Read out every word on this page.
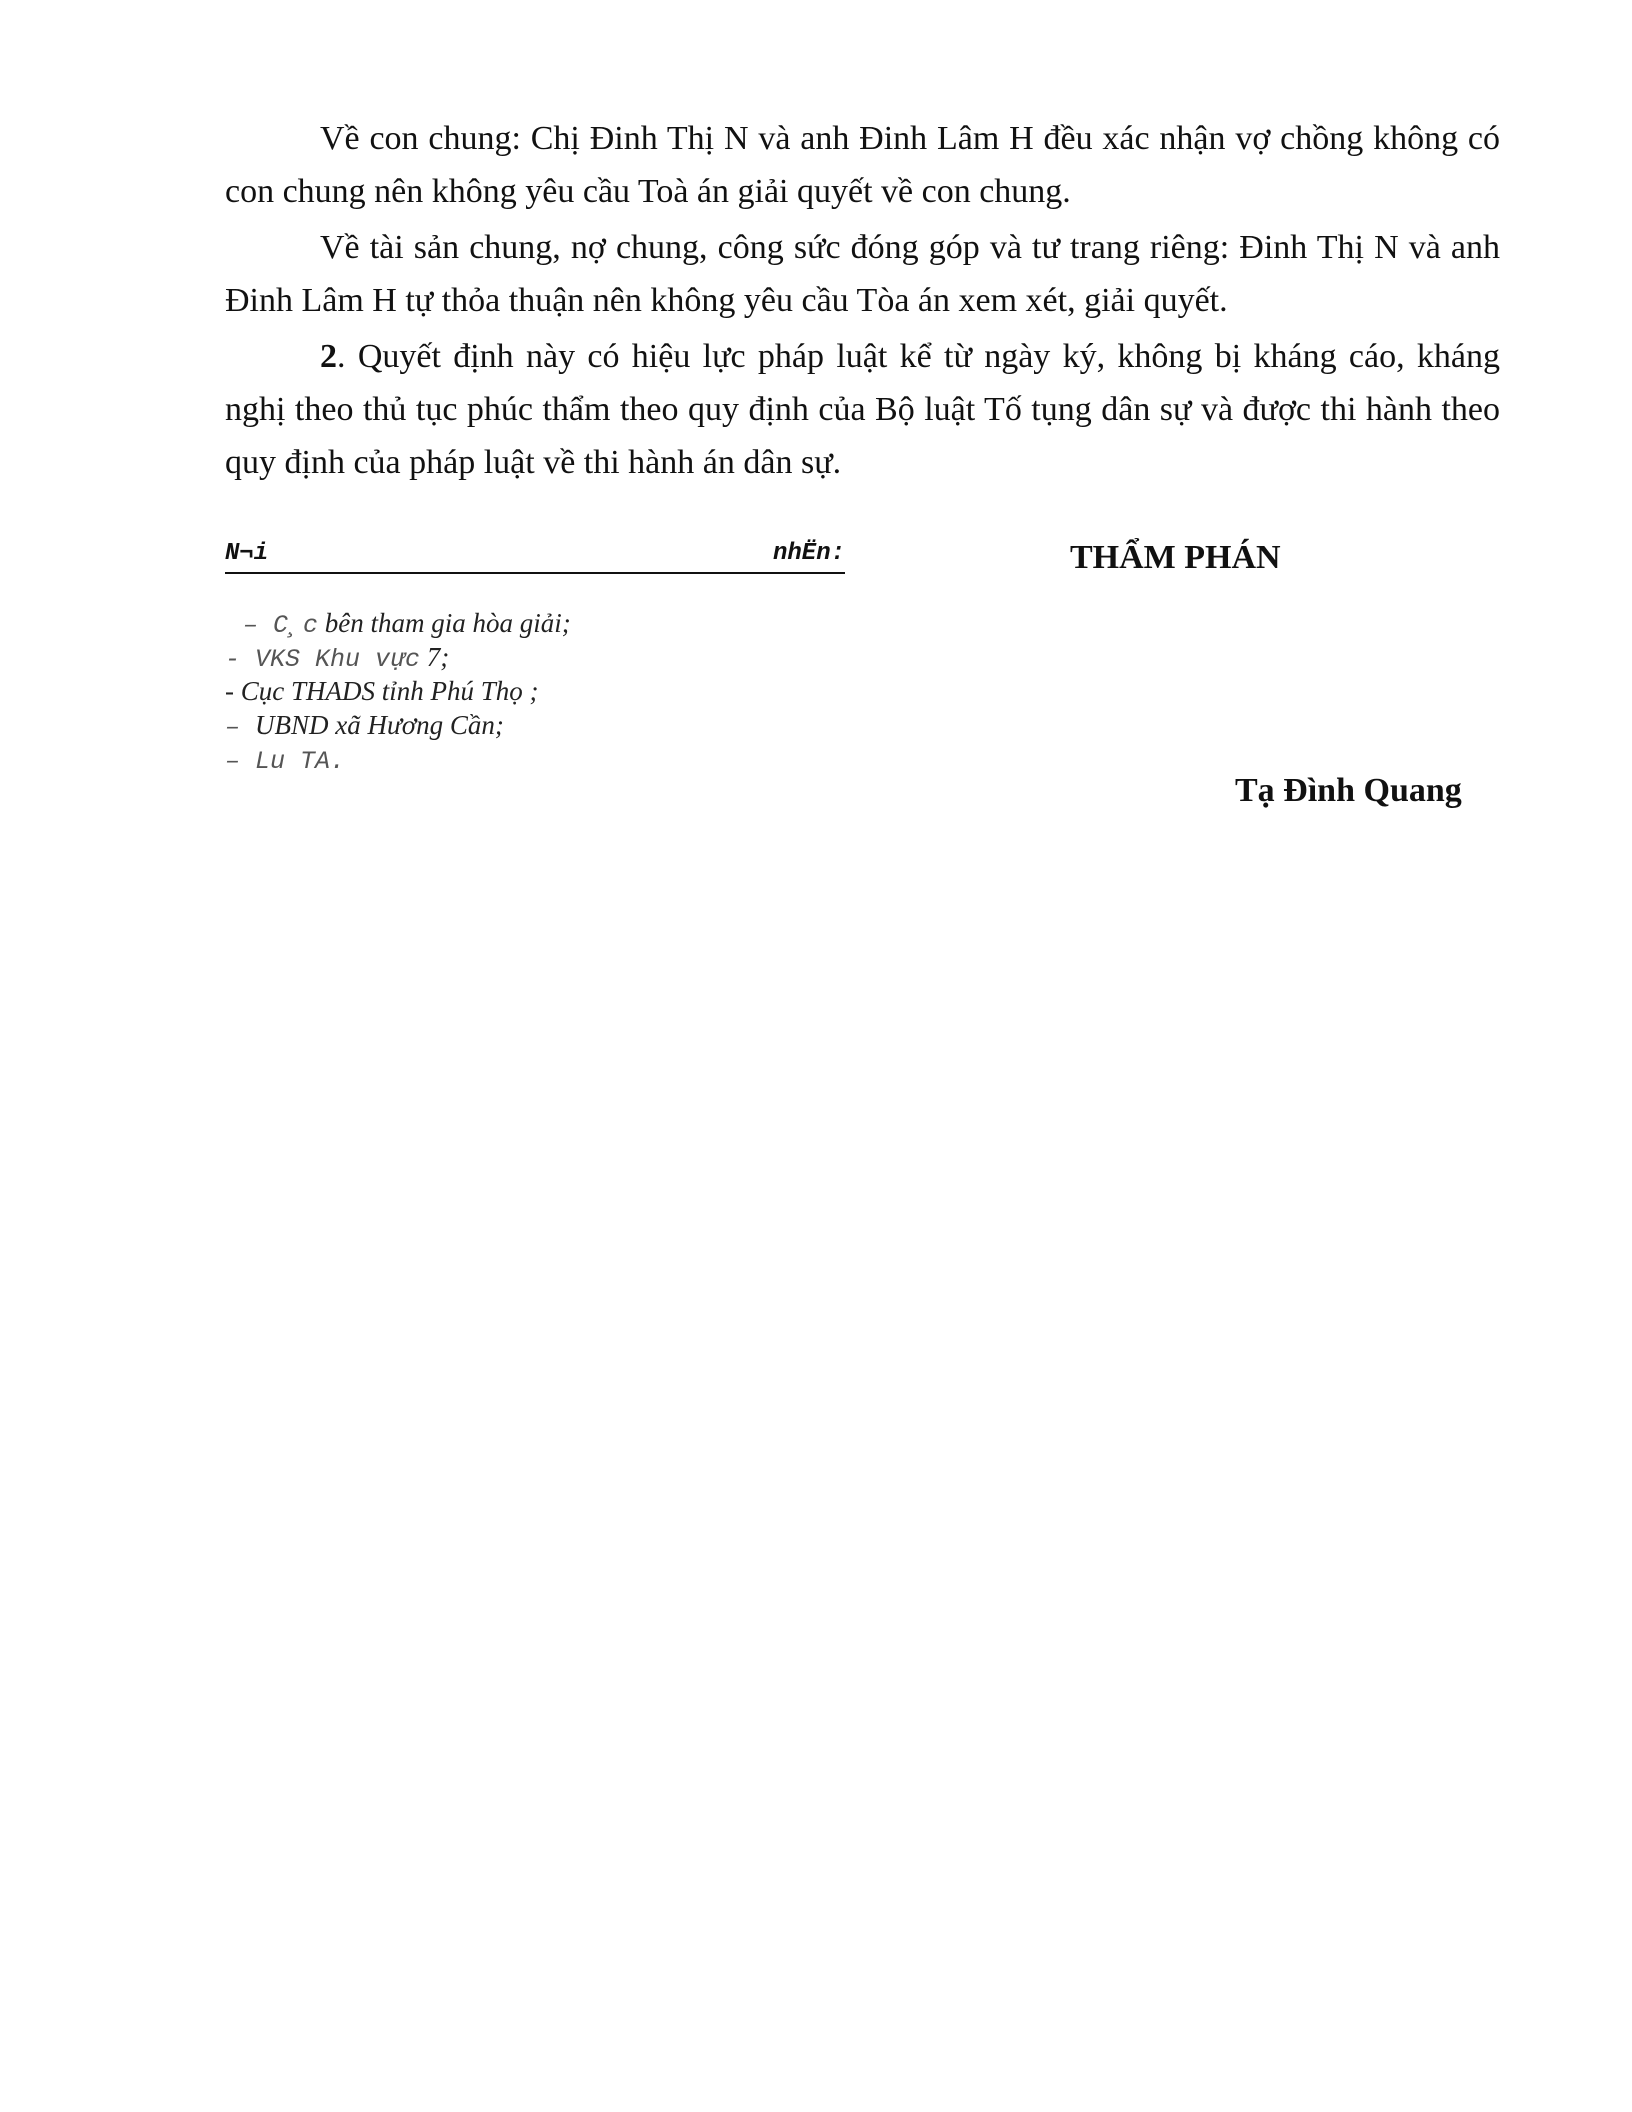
Về con chung: Chị Đinh Thị N và anh Đinh Lâm H đều xác nhận vợ chồng không có con chung nên không yêu cầu Toà án giải quyết về con chung.

Về tài sản chung, nợ chung, công sức đóng góp và tư trang riêng: Đinh Thị N và anh Đinh Lâm H tự thỏa thuận nên không yêu cầu Tòa án xem xét, giải quyết.

2. Quyết định này có hiệu lực pháp luật kể từ ngày ký, không bị kháng cáo, kháng nghị theo thủ tục phúc thẩm theo quy định của Bộ luật Tố tụng dân sự và được thi hành theo quy định của pháp luật về thi hành án dân sự.

N¬i	nhËn:
– C¸c bên tham gia hòa giải;
- VKS Khu vực 7;
- Cục THADS tỉnh Phú Thọ ;
– UBND xã Hương Cần;
– Lu TA.
THẨM PHÁN
Tạ Đình Quang
